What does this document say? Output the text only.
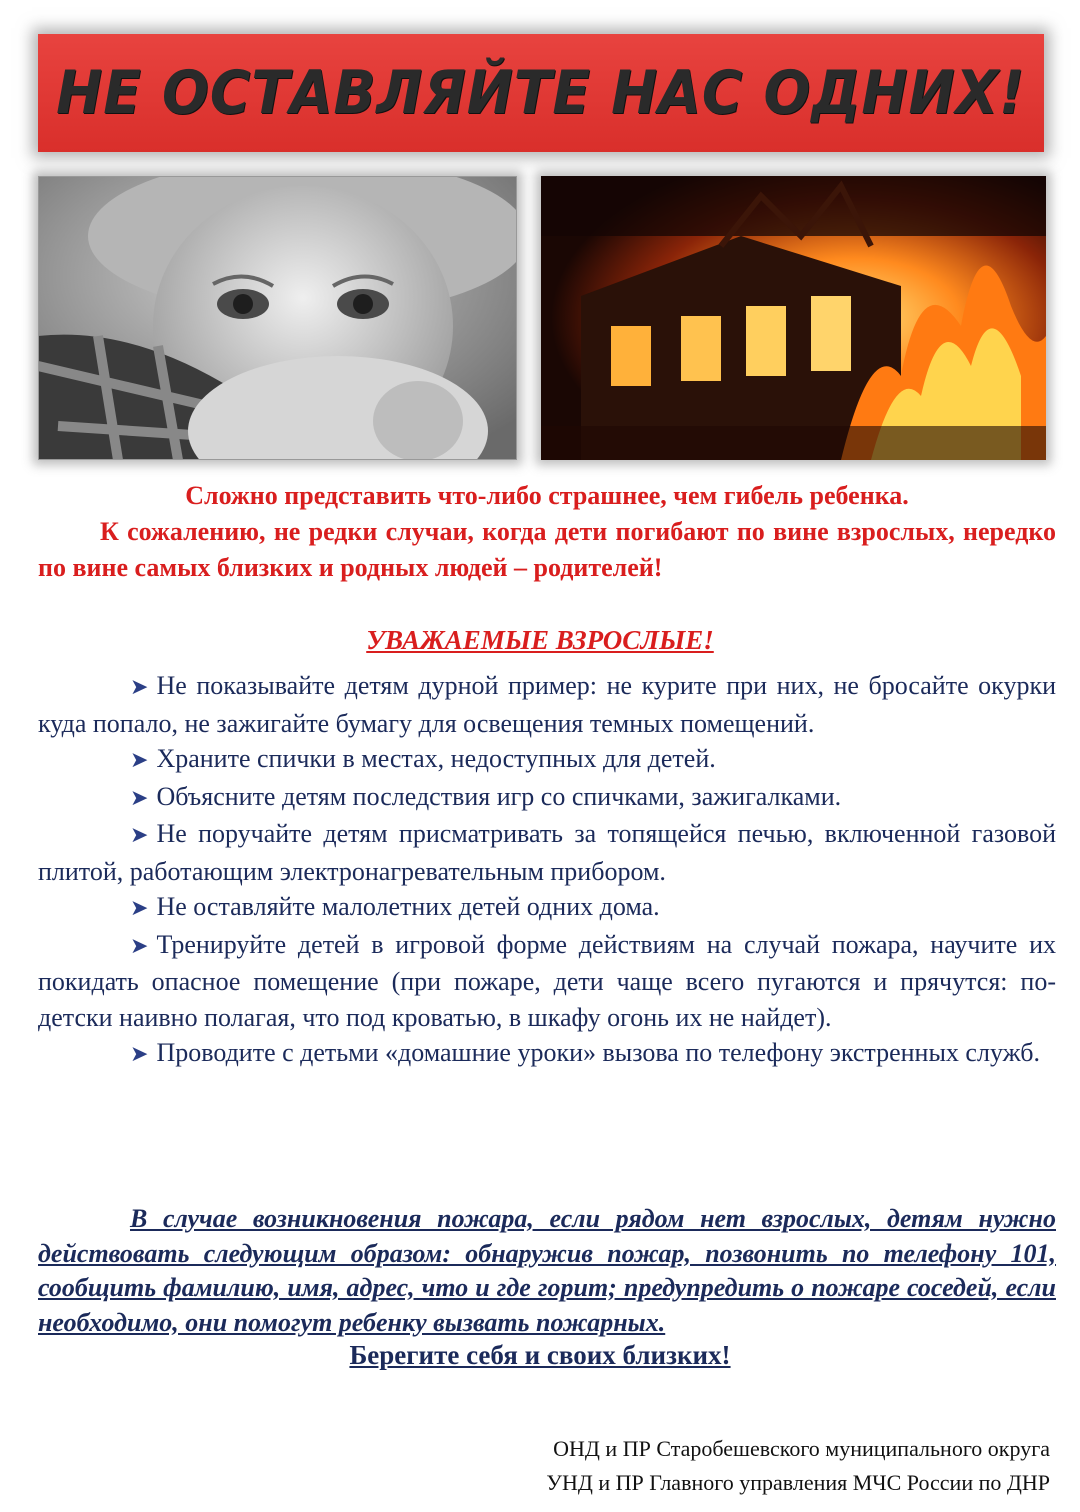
НЕ ОСТАВЛЯЙТЕ НАС ОДНИХ!
Сложно представить что-либо страшнее, чем гибель ребенка.
К сожалению, не редки случаи, когда дети погибают по вине взрослых, нередко по вине самых близких и родных людей – родителей!
УВАЖАЕМЫЕ ВЗРОСЛЫЕ!

➤ Не показывайте детям дурной пример: не курите при них, не бросайте окурки куда попало, не зажигайте бумагу для освещения темных помещений.

➤ Храните спички в местах, недоступных для детей.

➤ Объясните детям последствия игр со спичками, зажигалками.

➤ Не поручайте детям присматривать за топящейся печью, включенной газовой плитой, работающим электронагревательным прибором.

➤ Не оставляйте малолетних детей одних дома.

➤ Тренируйте детей в игровой форме действиям на случай пожара, научите их покидать опасное помещение (при пожаре, дети чаще всего пугаются и прячутся: по-детски наивно полагая, что под кроватью, в шкафу огонь их не найдет).

➤ Проводите с детьми «домашние уроки» вызова по телефону экстренных служб.

В случае возникновения пожара, если рядом нет взрослых, детям нужно действовать следующим образом: обнаружив пожар, позвонить по телефону 101, сообщить фамилию, имя, адрес, что и где горит; предупредить о пожаре соседей, если необходимо, они помогут ребенку вызвать пожарных.
Берегите себя и своих близких!
ОНД и ПР Старобешевского муниципального округа
УНД и ПР Главного управления МЧС России по ДНР
